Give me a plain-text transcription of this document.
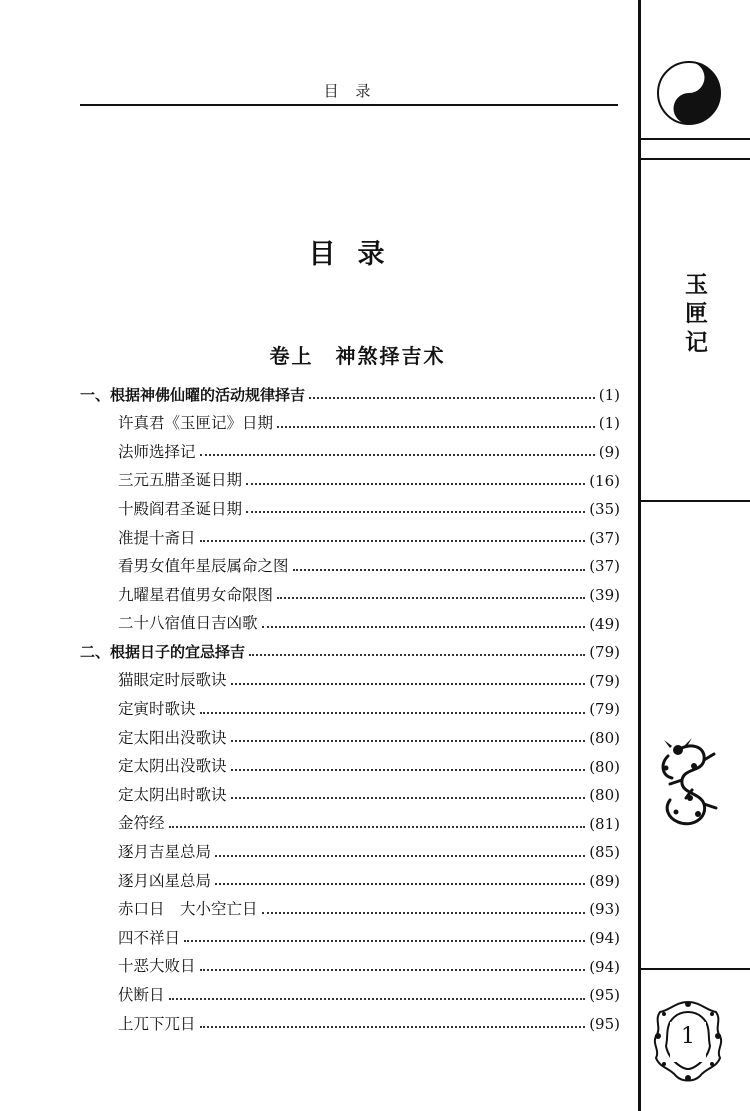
目 录
目录
卷上　神煞择吉术
一、根据神佛仙曜的活动规律择吉	(1)
许真君《玉匣记》日期	(1)
法师选择记	(9)
三元五腊圣诞日期	(16)
十殿阎君圣诞日期	(35)
准提十斋日	(37)
看男女值年星辰属命之图	(37)
九曜星君值男女命限图	(39)
二十八宿值日吉凶歌	(49)
二、根据日子的宜忌择吉	(79)
猫眼定时辰歌诀	(79)
定寅时歌诀	(79)
定太阳出没歌诀	(80)
定太阴出没歌诀	(80)
定太阴出时歌诀	(80)
金符经	(81)
逐月吉星总局	(85)
逐月凶星总局	(89)
赤口日　大小空亡日	(93)
四不祥日	(94)
十恶大败日	(94)
伏断日	(95)
上兀下兀日	(95)
玉匣记
1
